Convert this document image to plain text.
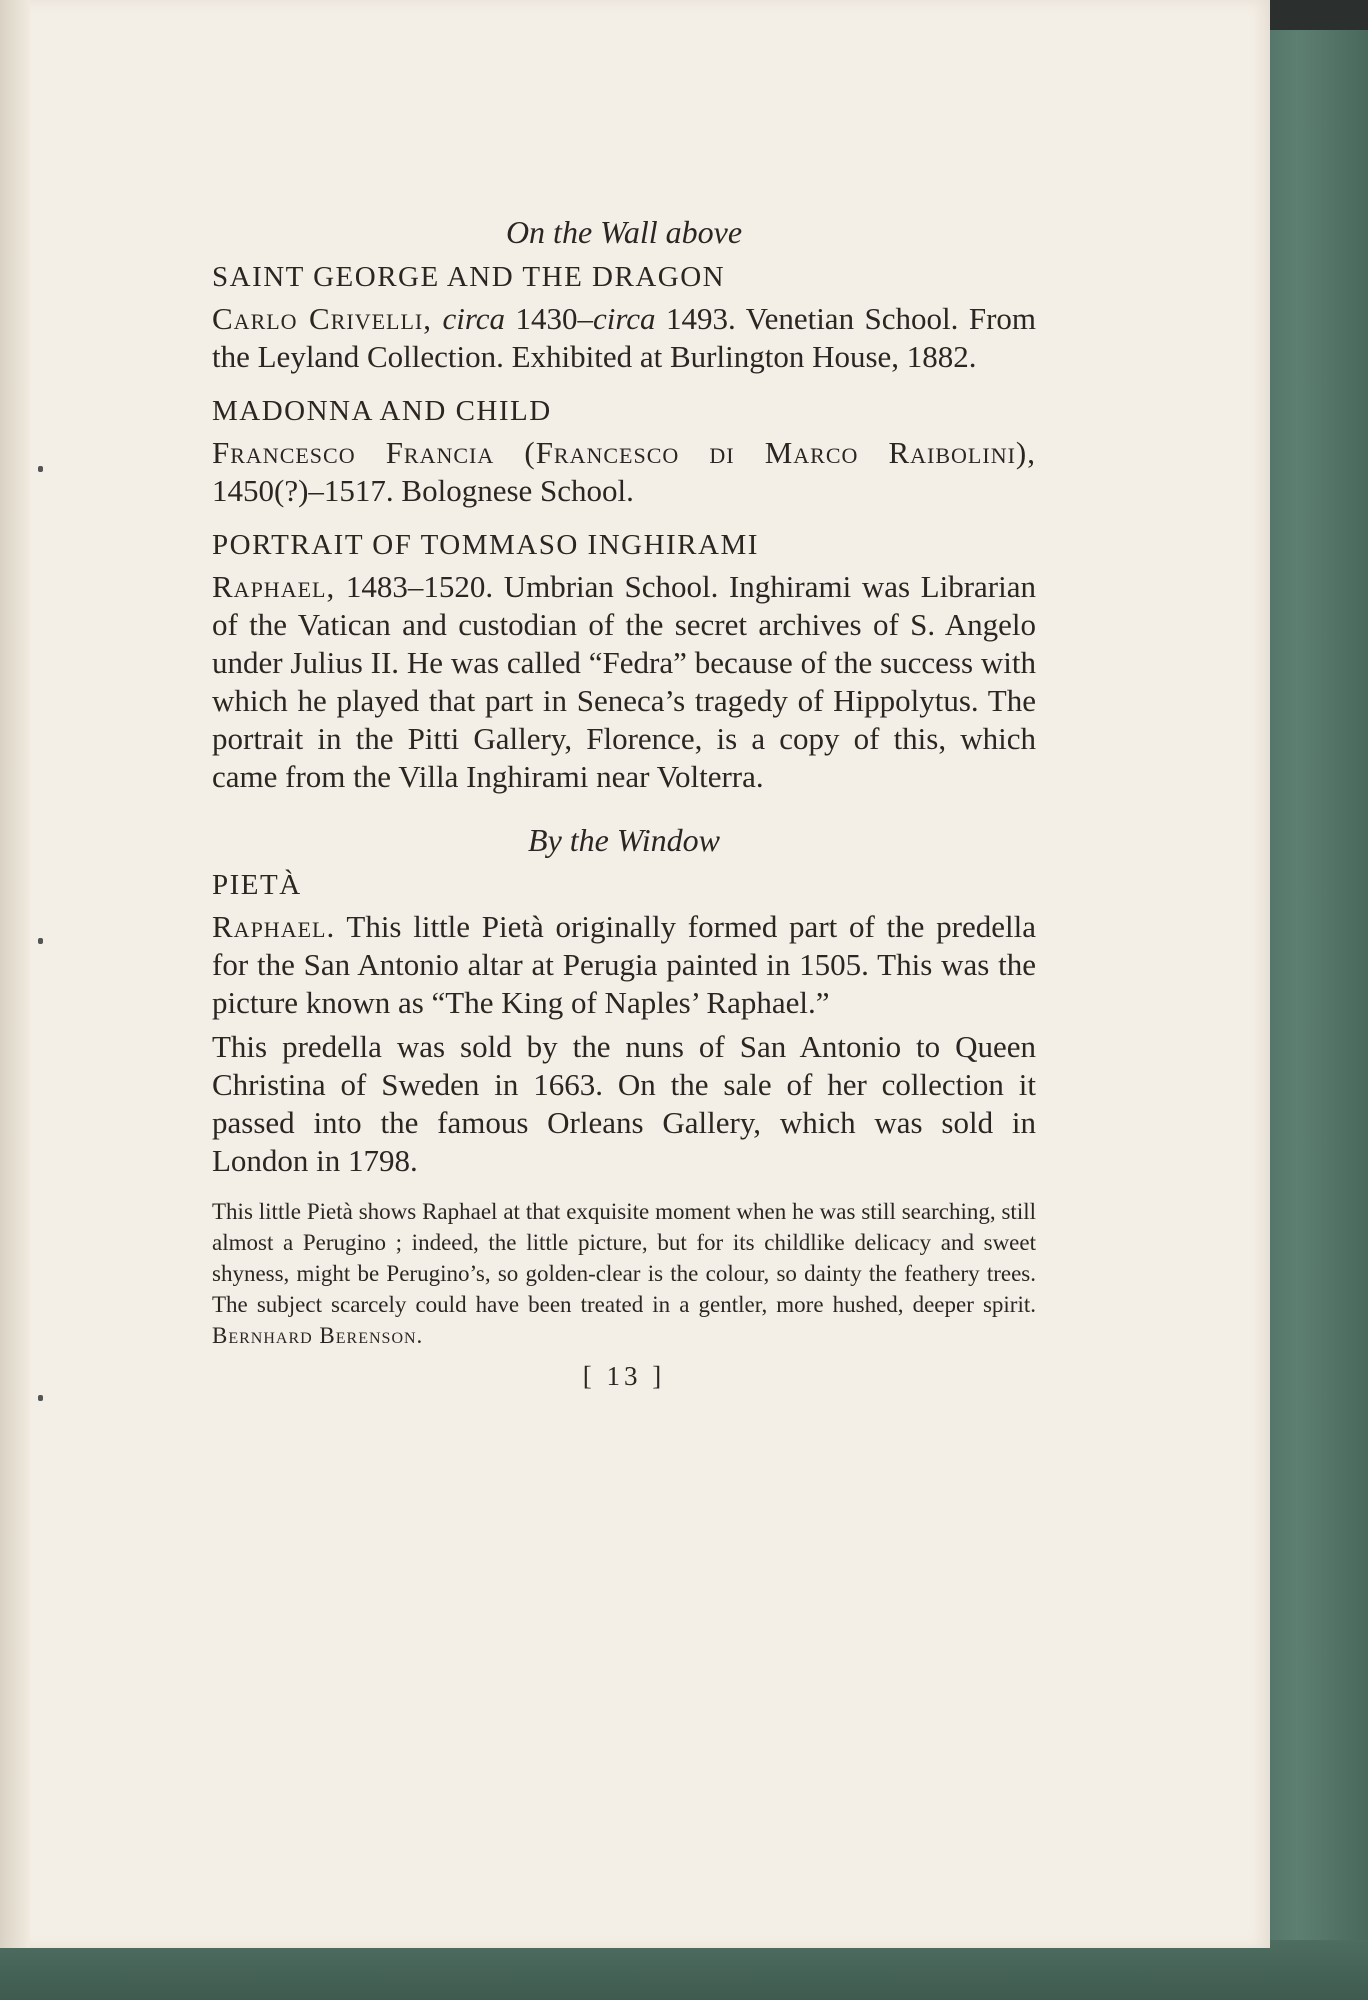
On the Wall above

SAINT GEORGE AND THE DRAGON

Carlo Crivelli, circa 1430–circa 1493. Venetian School. From the Leyland Collection. Exhibited at Burlington House, 1882.

MADONNA AND CHILD

Francesco Francia (Francesco di Marco Raibolini), 1450(?)–1517. Bolognese School.

PORTRAIT OF TOMMASO INGHIRAMI

Raphael, 1483–1520. Umbrian School. Inghirami was Librarian of the Vatican and custodian of the secret archives of S. Angelo under Julius II. He was called “Fedra” because of the success with which he played that part in Seneca’s tragedy of Hippolytus. The portrait in the Pitti Gallery, Florence, is a copy of this, which came from the Villa Inghirami near Volterra.

By the Window

PIETÀ

Raphael. This little Pietà originally formed part of the predella for the San Antonio altar at Perugia painted in 1505. This was the picture known as “The King of Naples’ Raphael.”

This predella was sold by the nuns of San Antonio to Queen Christina of Sweden in 1663. On the sale of her collection it passed into the famous Orleans Gallery, which was sold in London in 1798.

This little Pietà shows Raphael at that exquisite moment when he was still searching, still almost a Perugino ; indeed, the little picture, but for its childlike delicacy and sweet shyness, might be Perugino’s, so golden-clear is the colour, so dainty the feathery trees. The subject scarcely could have been treated in a gentler, more hushed, deeper spirit. Bernhard Berenson.

[ 13 ]
